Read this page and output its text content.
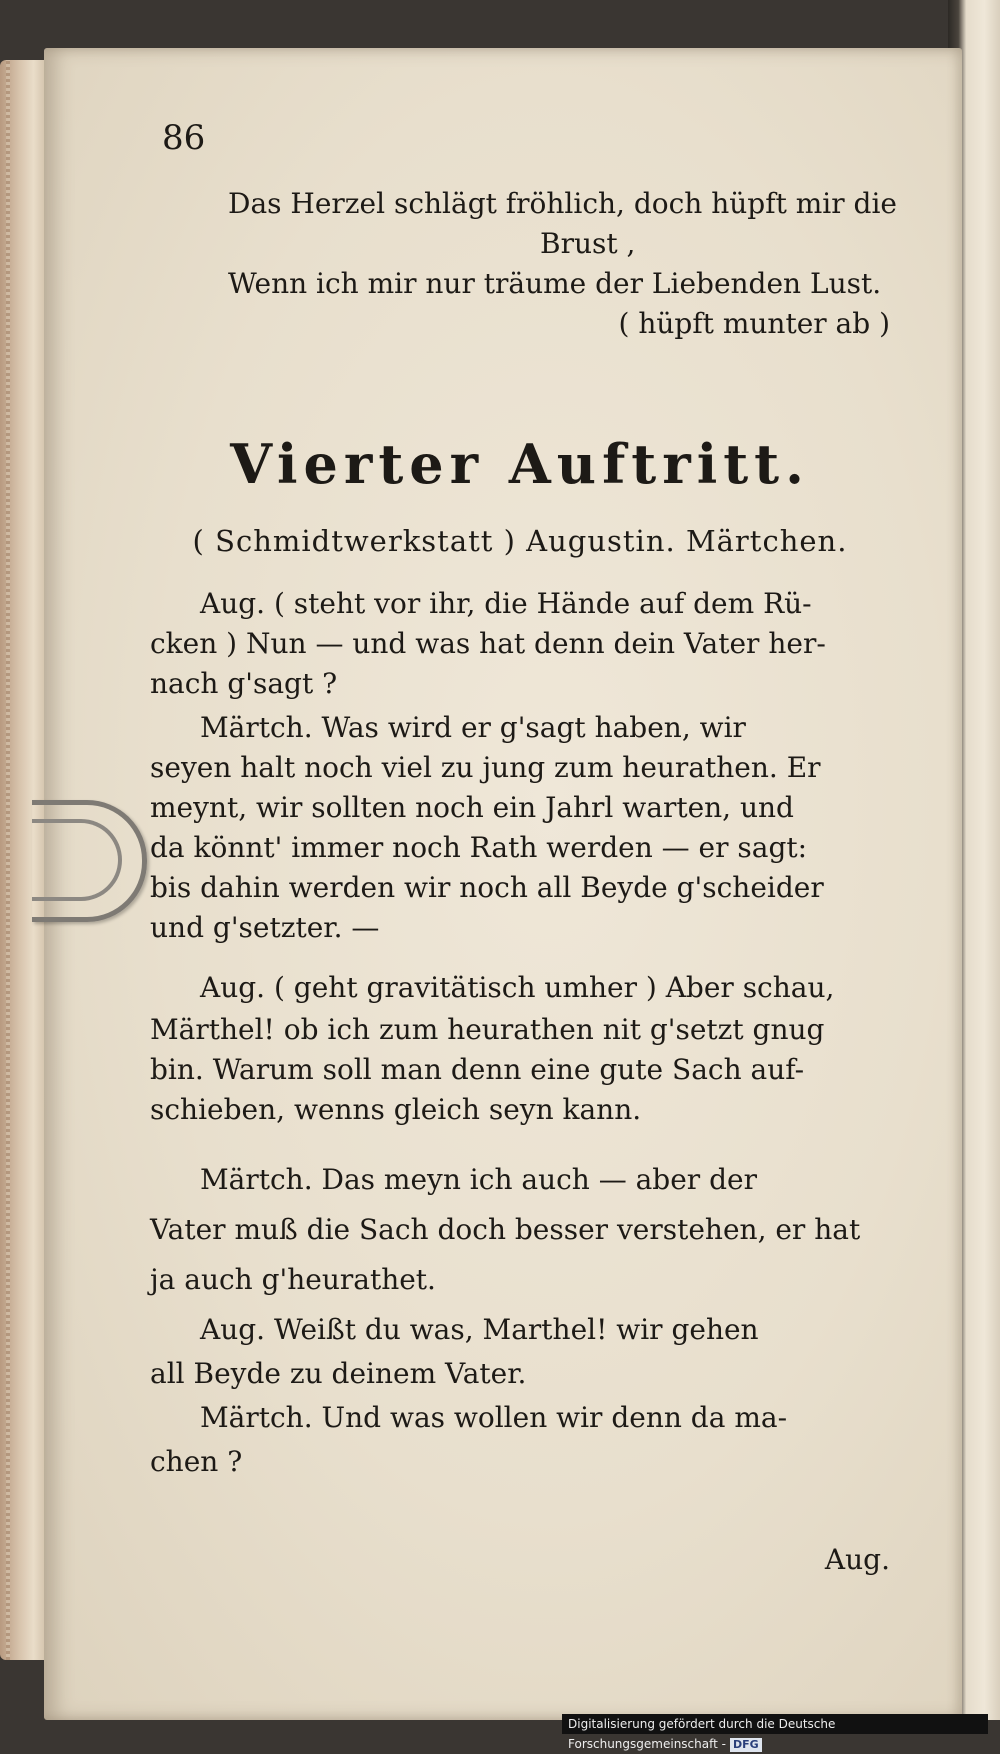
86
Das Herzel schlägt fröhlich, doch hüpft mir die
Brust ,
Wenn ich mir nur träume der Liebenden Lust.
( hüpft munter ab )
Vierter Auftritt.
( Schmidtwerkstatt ) Augustin. Märtchen.
Aug. ( steht vor ihr, die Hände auf dem Rü-
cken ) Nun — und was hat denn dein Vater her-
nach g'sagt ?
Märtch. Was wird er g'sagt haben, wir
seyen halt noch viel zu jung zum heurathen. Er
meynt, wir sollten noch ein Jahrl warten, und
da könnt' immer noch Rath werden — er sagt:
bis dahin werden wir noch all Beyde g'scheider
und g'setzter. —
Aug. ( geht gravitätisch umher ) Aber schau,
Märthel! ob ich zum heurathen nit g'setzt gnug
bin. Warum soll man denn eine gute Sach auf-
schieben, wenns gleich seyn kann.
Märtch. Das meyn ich auch — aber der
Vater muß die Sach doch besser verstehen, er hat
ja auch g'heurathet.
Aug. Weißt du was, Marthel! wir gehen
all Beyde zu deinem Vater.
Märtch. Und was wollen wir denn da ma-
chen ?
Aug.
Digitalisierung gefördert durch die Deutsche Forschungsgemeinschaft - DFG
